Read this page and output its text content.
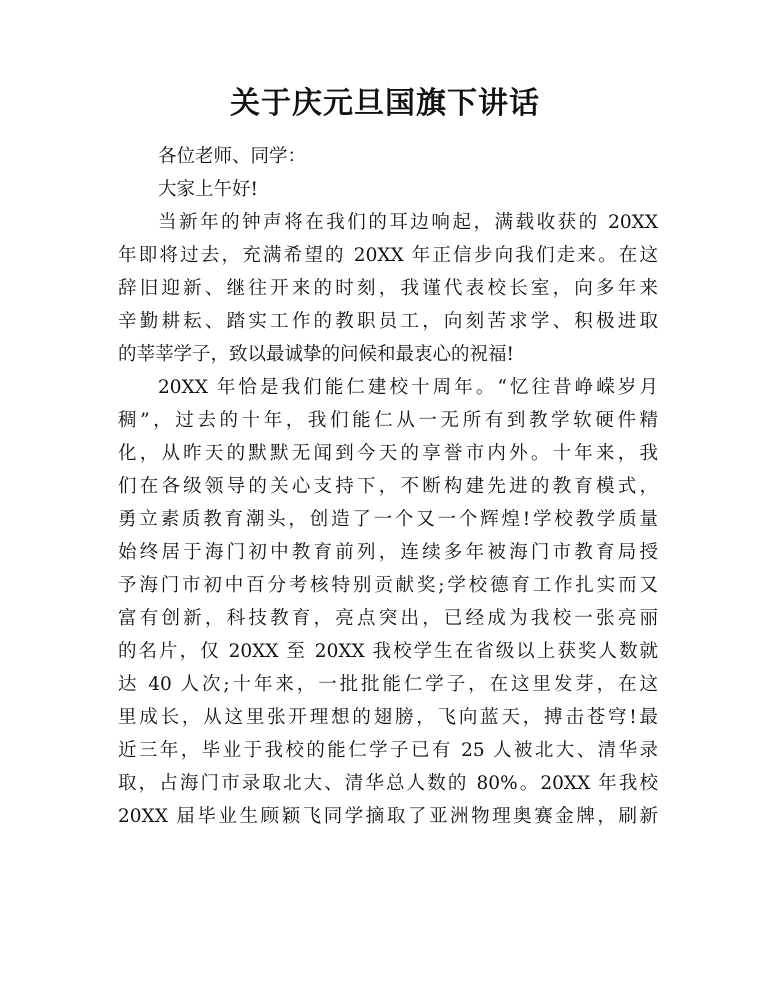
关于庆元旦国旗下讲话
各位老师、同学：
大家上午好!
当新年的钟声将在我们的耳边响起，满载收获的 20XX
年即将过去，充满希望的 20XX 年正信步向我们走来。在这
辞旧迎新、继往开来的时刻，我谨代表校长室，向多年来
辛勤耕耘、踏实工作的教职员工，向刻苦求学、积极进取
的莘莘学子，致以最诚挚的问候和最衷心的祝福!
20XX 年恰是我们能仁建校十周年。“忆往昔峥嵘岁月
稠”，过去的十年，我们能仁从一无所有到教学软硬件精
化，从昨天的默默无闻到今天的享誉市内外。十年来，我
们在各级领导的关心支持下，不断构建先进的教育模式，
勇立素质教育潮头，创造了一个又一个辉煌!学校教学质量
始终居于海门初中教育前列，连续多年被海门市教育局授
予海门市初中百分考核特别贡献奖;学校德育工作扎实而又
富有创新，科技教育，亮点突出，已经成为我校一张亮丽
的名片，仅 20XX 至 20XX 我校学生在省级以上获奖人数就
达 40 人次;十年来，一批批能仁学子，在这里发芽，在这
里成长，从这里张开理想的翅膀，飞向蓝天，搏击苍穹!最
近三年，毕业于我校的能仁学子已有 25 人被北大、清华录
取，占海门市录取北大、清华总人数的 80%。20XX 年我校
20XX 届毕业生顾颖飞同学摘取了亚洲物理奥赛金牌，刷新
